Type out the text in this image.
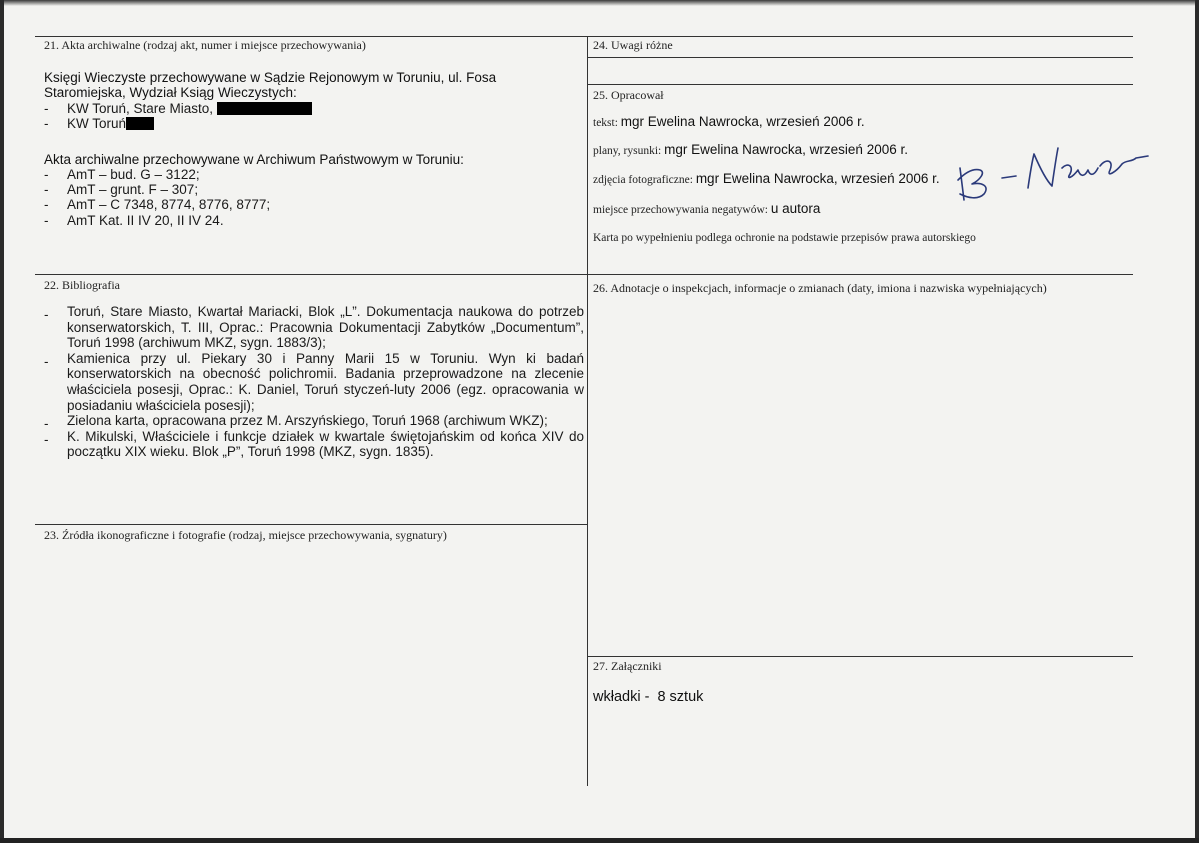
21. Akta archiwalne (rodzaj akt, numer i miejsce przechowywania)
Księgi Wieczyste przechowywane w Sądzie Rejonowym w Toruniu, ul. Fosa
Staromiejska, Wydział Ksiąg Wieczystych:
- KW Toruń, Stare Miasto,
- KW Toruń
Akta archiwalne przechowywane w Archiwum Państwowym w Toruniu:
- AmT – bud. G – 3122;
- AmT – grunt. F – 307;
- AmT – C 7348, 8774, 8776, 8777;
- AmT Kat. II IV 20, II IV 24.
22. Bibliografia
- Toruń, Stare Miasto, Kwartał Mariacki, Blok „L”. Dokumentacja naukowa do potrzeb konserwatorskich, T. III, Oprac.: Pracownia Dokumentacji Zabytków „Documentum”, Toruń 1998 (archiwum MKZ, sygn. 1883/3);
- Kamienica przy ul. Piekary 30 i Panny Marii 15 w Toruniu. Wyn ki badań konserwatorskich na obecność polichromii. Badania przeprowadzone na zlecenie właściciela posesji, Oprac.: K. Daniel, Toruń styczeń-luty 2006 (egz. opracowania w posiadaniu właściciela posesji);
- Zielona karta, opracowana przez M. Arszyńskiego, Toruń 1968 (archiwum WKZ);
- K. Mikulski, Właściciele i funkcje działek w kwartale świętojańskim od końca XIV do początku XIX wieku. Blok „P”, Toruń 1998 (MKZ, sygn. 1835).
23. Źródła ikonograficzne i fotografie (rodzaj, miejsce przechowywania, sygnatury)
24. Uwagi różne
25. Opracował
tekst: mgr Ewelina Nawrocka, wrzesień 2006 r.
plany, rysunki: mgr Ewelina Nawrocka, wrzesień 2006 r.
zdjęcia fotograficzne: mgr Ewelina Nawrocka, wrzesień 2006 r.
miejsce przechowywania negatywów: u autora
Karta po wypełnieniu podlega ochronie na podstawie przepisów prawa autorskiego
26. Adnotacje o inspekcjach, informacje o zmianach (daty, imiona i nazwiska wypełniających)
27. Załączniki
wkładki -  8 sztuk
